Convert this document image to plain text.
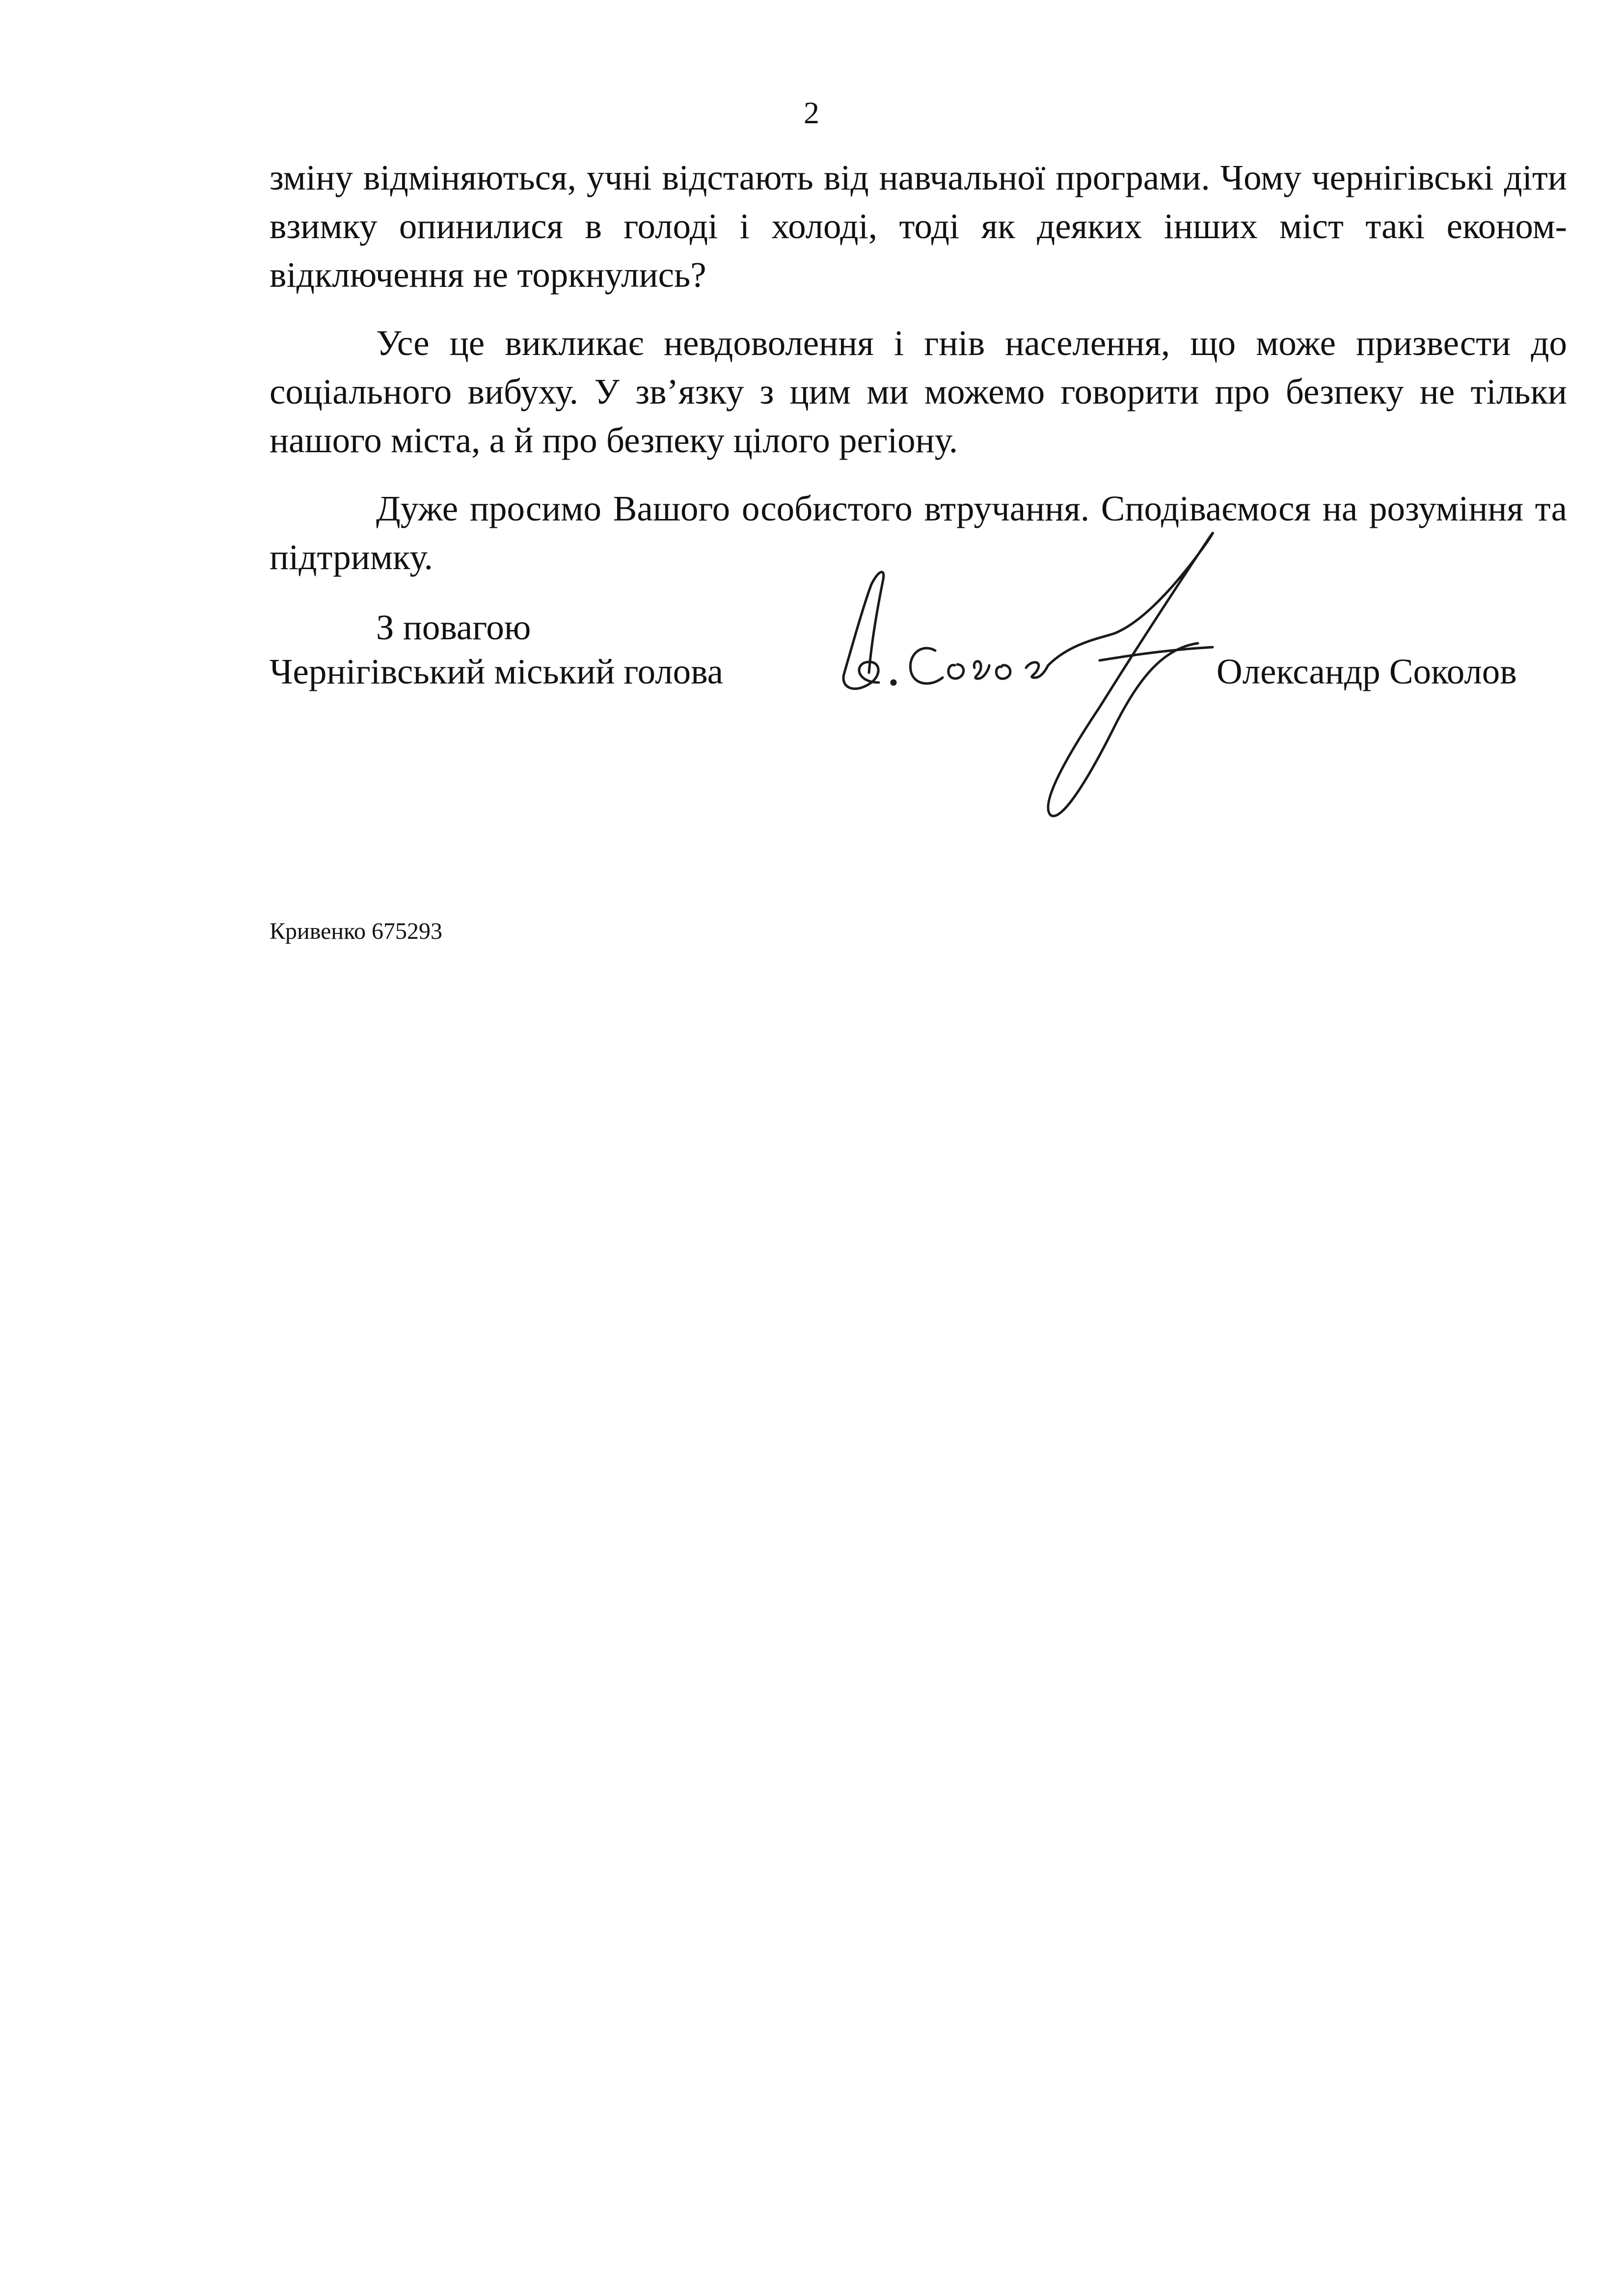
2

зміну відміняються, учні відстають від навчальної програми. Чому чернігівські діти взимку опинилися в голоді і холоді, тоді як деяких інших міст такі економ-відключення не торкнулись?

Усе це викликає невдоволення і гнів населення, що може призвести до соціального вибуху. У зв’язку з цим ми можемо говорити про безпеку не тільки нашого міста, а й про безпеку цілого регіону.

Дуже просимо Вашого особистого втручання. Сподіваємося на розуміння та підтримку.

З повагою
Чернігівський міський голова	Олександр Соколов
Кривенко 675293
